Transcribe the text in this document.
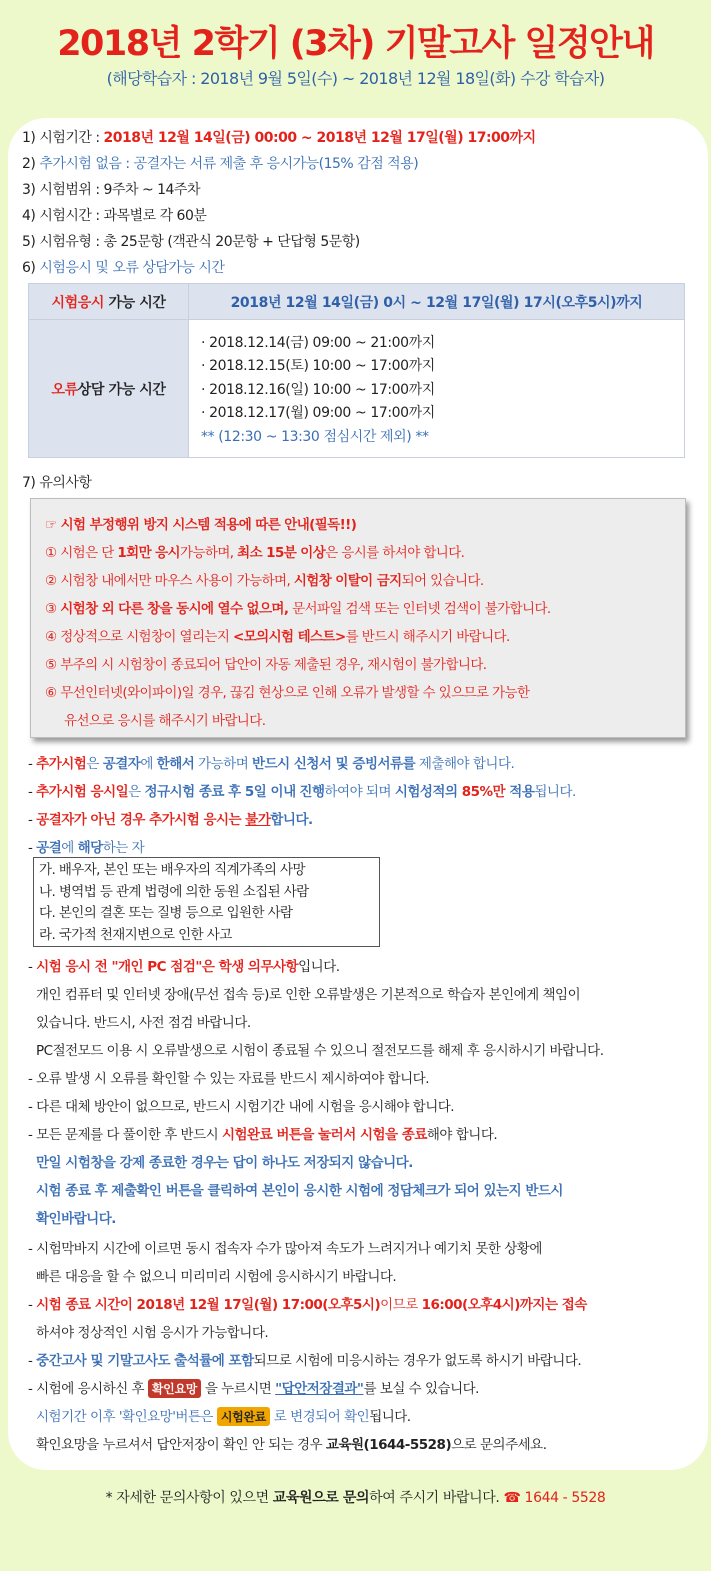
2018년 2학기 (3차) 기말고사 일정안내
(해당학습자 : 2018년 9월 5일(수) ~ 2018년 12월 18일(화) 수강 학습자)
1) 시험기간 : 2018년 12월 14일(금) 00:00 ~ 2018년 12월 17일(월) 17:00까지
2) 추가시험 없음 : 공결자는 서류 제출 후 응시가능(15% 감점 적용)
3) 시험범위 : 9주차 ~ 14주차
4) 시험시간 : 과목별로 각 60분
5) 시험유형 : 총 25문항 (객관식 20문항 + 단답형 5문항)
6) 시험응시 및 오류 상담가능 시간
시험응시 가능 시간	2018년 12월 14일(금) 0시 ~ 12월 17일(월) 17시(오후5시)까지
오류상담 가능 시간	· 2018.12.14(금) 09:00 ~ 21:00까지
· 2018.12.15(토) 10:00 ~ 17:00까지
· 2018.12.16(일) 10:00 ~ 17:00까지
· 2018.12.17(월) 09:00 ~ 17:00까지
** (12:30 ~ 13:30 점심시간 제외) **
7) 유의사항
☞ 시험 부정행위 방지 시스템 적용에 따른 안내(필독!!)
① 시험은 단 1회만 응시가능하며, 최소 15분 이상은 응시를 하셔야 합니다.
② 시험창 내에서만 마우스 사용이 가능하며, 시험창 이탈이 금지되어 있습니다.
③ 시험창 외 다른 창을 동시에 열수 없으며, 문서파일 검색 또는 인터넷 검색이 불가합니다.
④ 정상적으로 시험창이 열리는지 <모의시험 테스트>를 반드시 해주시기 바랍니다.
⑤ 부주의 시 시험창이 종료되어 답안이 자동 제출된 경우, 재시험이 불가합니다.
⑥ 무선인터넷(와이파이)일 경우, 끊김 현상으로 인해 오류가 발생할 수 있으므로 가능한
유선으로 응시를 해주시기 바랍니다.
- 추가시험은 공결자에 한해서 가능하며 반드시 신청서 및 증빙서류를 제출해야 합니다.
- 추가시험 응시일은 정규시험 종료 후 5일 이내 진행하여야 되며 시험성적의 85%만 적용됩니다.
- 공결자가 아닌 경우 추가시험 응시는 불가합니다.
- 공결에 해당하는 자
가. 배우자, 본인 또는 배우자의 직계가족의 사망
나. 병역법 등 관계 법령에 의한 동원 소집된 사람
다. 본인의 결혼 또는 질병 등으로 입원한 사람
라. 국가적 천재지변으로 인한 사고
- 시험 응시 전 "개인 PC 점검"은 학생 의무사항입니다.
개인 컴퓨터 및 인터넷 장애(무선 접속 등)로 인한 오류발생은 기본적으로 학습자 본인에게 책임이
있습니다. 반드시, 사전 점검 바랍니다.
PC절전모드 이용 시 오류발생으로 시험이 종료될 수 있으니 절전모드를 해제 후 응시하시기 바랍니다.
- 오류 발생 시 오류를 확인할 수 있는 자료를 반드시 제시하여야 합니다.
- 다른 대체 방안이 없으므로, 반드시 시험기간 내에 시험을 응시해야 합니다.
- 모든 문제를 다 풀이한 후 반드시 시험완료 버튼을 눌러서 시험을 종료해야 합니다.
만일 시험창을 강제 종료한 경우는 답이 하나도 저장되지 않습니다.
시험 종료 후 제출확인 버튼을 클릭하여 본인이 응시한 시험에 정답체크가 되어 있는지 반드시
확인바랍니다.
- 시험막바지 시간에 이르면 동시 접속자 수가 많아져 속도가 느려지거나 예기치 못한 상황에
빠른 대응을 할 수 없으니 미리미리 시험에 응시하시기 바랍니다.
- 시험 종료 시간이 2018년 12월 17일(월) 17:00(오후5시)이므로 16:00(오후4시)까지는 접속
하셔야 정상적인 시험 응시가 가능합니다.
- 중간고사 및 기말고사도 출석률에 포함되므로 시험에 미응시하는 경우가 없도록 하시기 바랍니다.
- 시험에 응시하신 후 확인요망 을 누르시면 "답안저장결과"를 보실 수 있습니다.
시험기간 이후 '확인요망'버튼은 시험완료 로 변경되어 확인됩니다.
확인요망을 누르셔서 답안저장이 확인 안 되는 경우 교육원(1644-5528)으로 문의주세요.
* 자세한 문의사항이 있으면 교육원으로 문의하여 주시기 바랍니다. ☎ 1644 - 5528
